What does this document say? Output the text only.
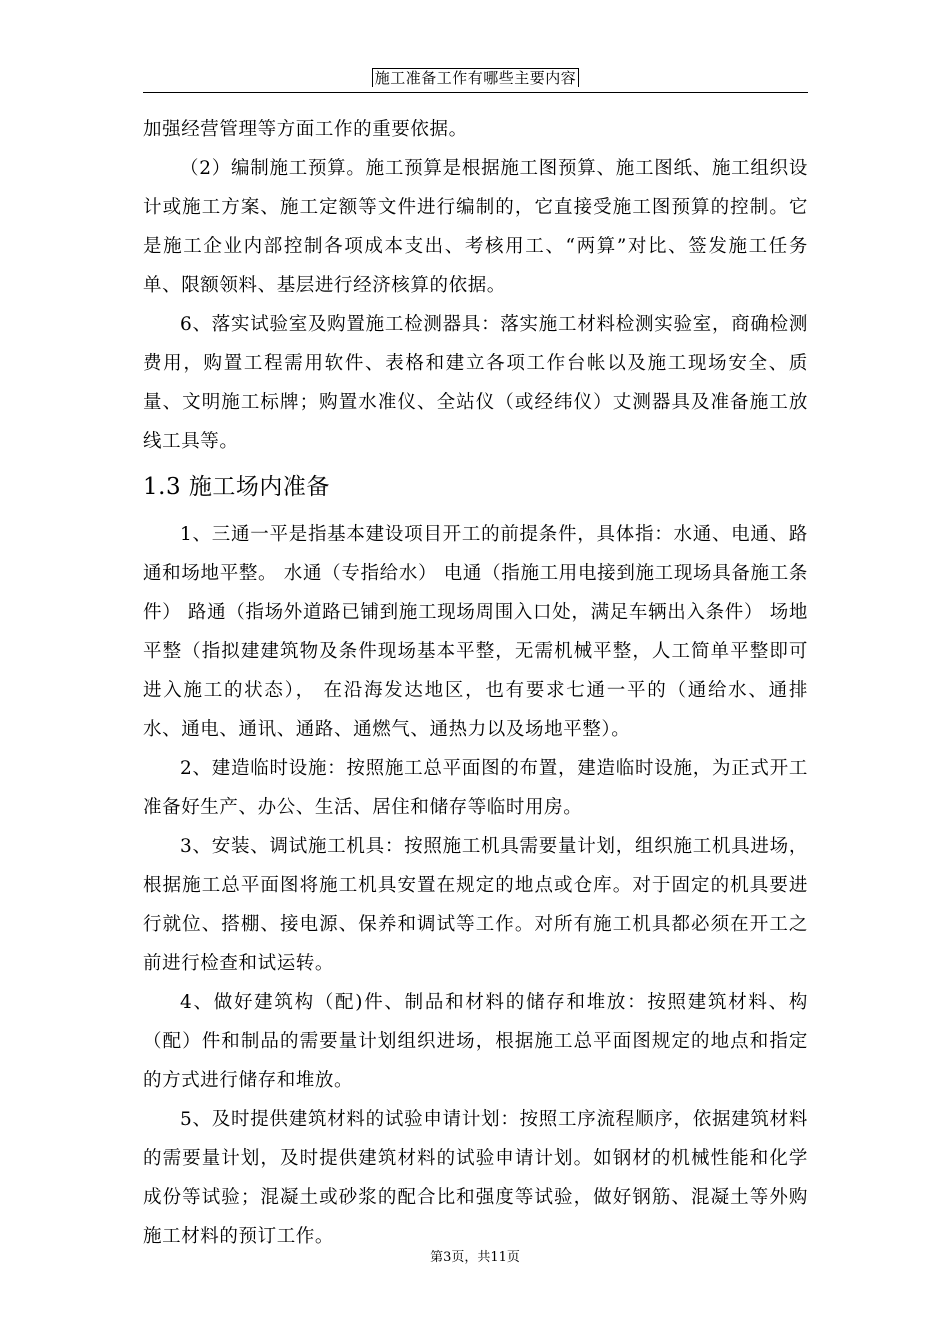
施工准备工作有哪些主要内容

加强经营管理等方面工作的重要依据。

（2）编制施工预算。施工预算是根据施工图预算、施工图纸、施工组织设计或施工方案、施工定额等文件进行编制的，它直接受施工图预算的控制。它是施工企业内部控制各项成本支出、考核用工、“两算”对比、签发施工任务单、限额领料、基层进行经济核算的依据。

6、落实试验室及购置施工检测器具：落实施工材料检测实验室，商确检测费用，购置工程需用软件、表格和建立各项工作台帐以及施工现场安全、质量、文明施工标牌；购置水准仪、全站仪（或经纬仪）丈测器具及准备施工放线工具等。

1.3 施工场内准备

1、三通一平是指基本建设项目开工的前提条件，具体指：水通、电通、路通和场地平整。 水通（专指给水） 电通（指施工用电接到施工现场具备施工条件） 路通（指场外道路已铺到施工现场周围入口处，满足车辆出入条件） 场地平整（指拟建建筑物及条件现场基本平整，无需机械平整，人工简单平整即可进入施工的状态）， 在沿海发达地区，也有要求七通一平的（通给水、通排水、通电、通讯、通路、通燃气、通热力以及场地平整）。

2、建造临时设施：按照施工总平面图的布置，建造临时设施，为正式开工准备好生产、办公、生活、居住和储存等临时用房。

3、安装、调试施工机具：按照施工机具需要量计划，组织施工机具进场，根据施工总平面图将施工机具安置在规定的地点或仓库。对于固定的机具要进行就位、搭棚、接电源、保养和调试等工作。对所有施工机具都必须在开工之前进行检查和试运转。

4、做好建筑构（配)件、制品和材料的储存和堆放：按照建筑材料、构（配）件和制品的需要量计划组织进场，根据施工总平面图规定的地点和指定的方式进行储存和堆放。

5、及时提供建筑材料的试验申请计划：按照工序流程顺序，依据建筑材料的需要量计划，及时提供建筑材料的试验申请计划。如钢材的机械性能和化学成份等试验；混凝土或砂浆的配合比和强度等试验，做好钢筋、混凝土等外购施工材料的预订工作。

第3页，共11页
